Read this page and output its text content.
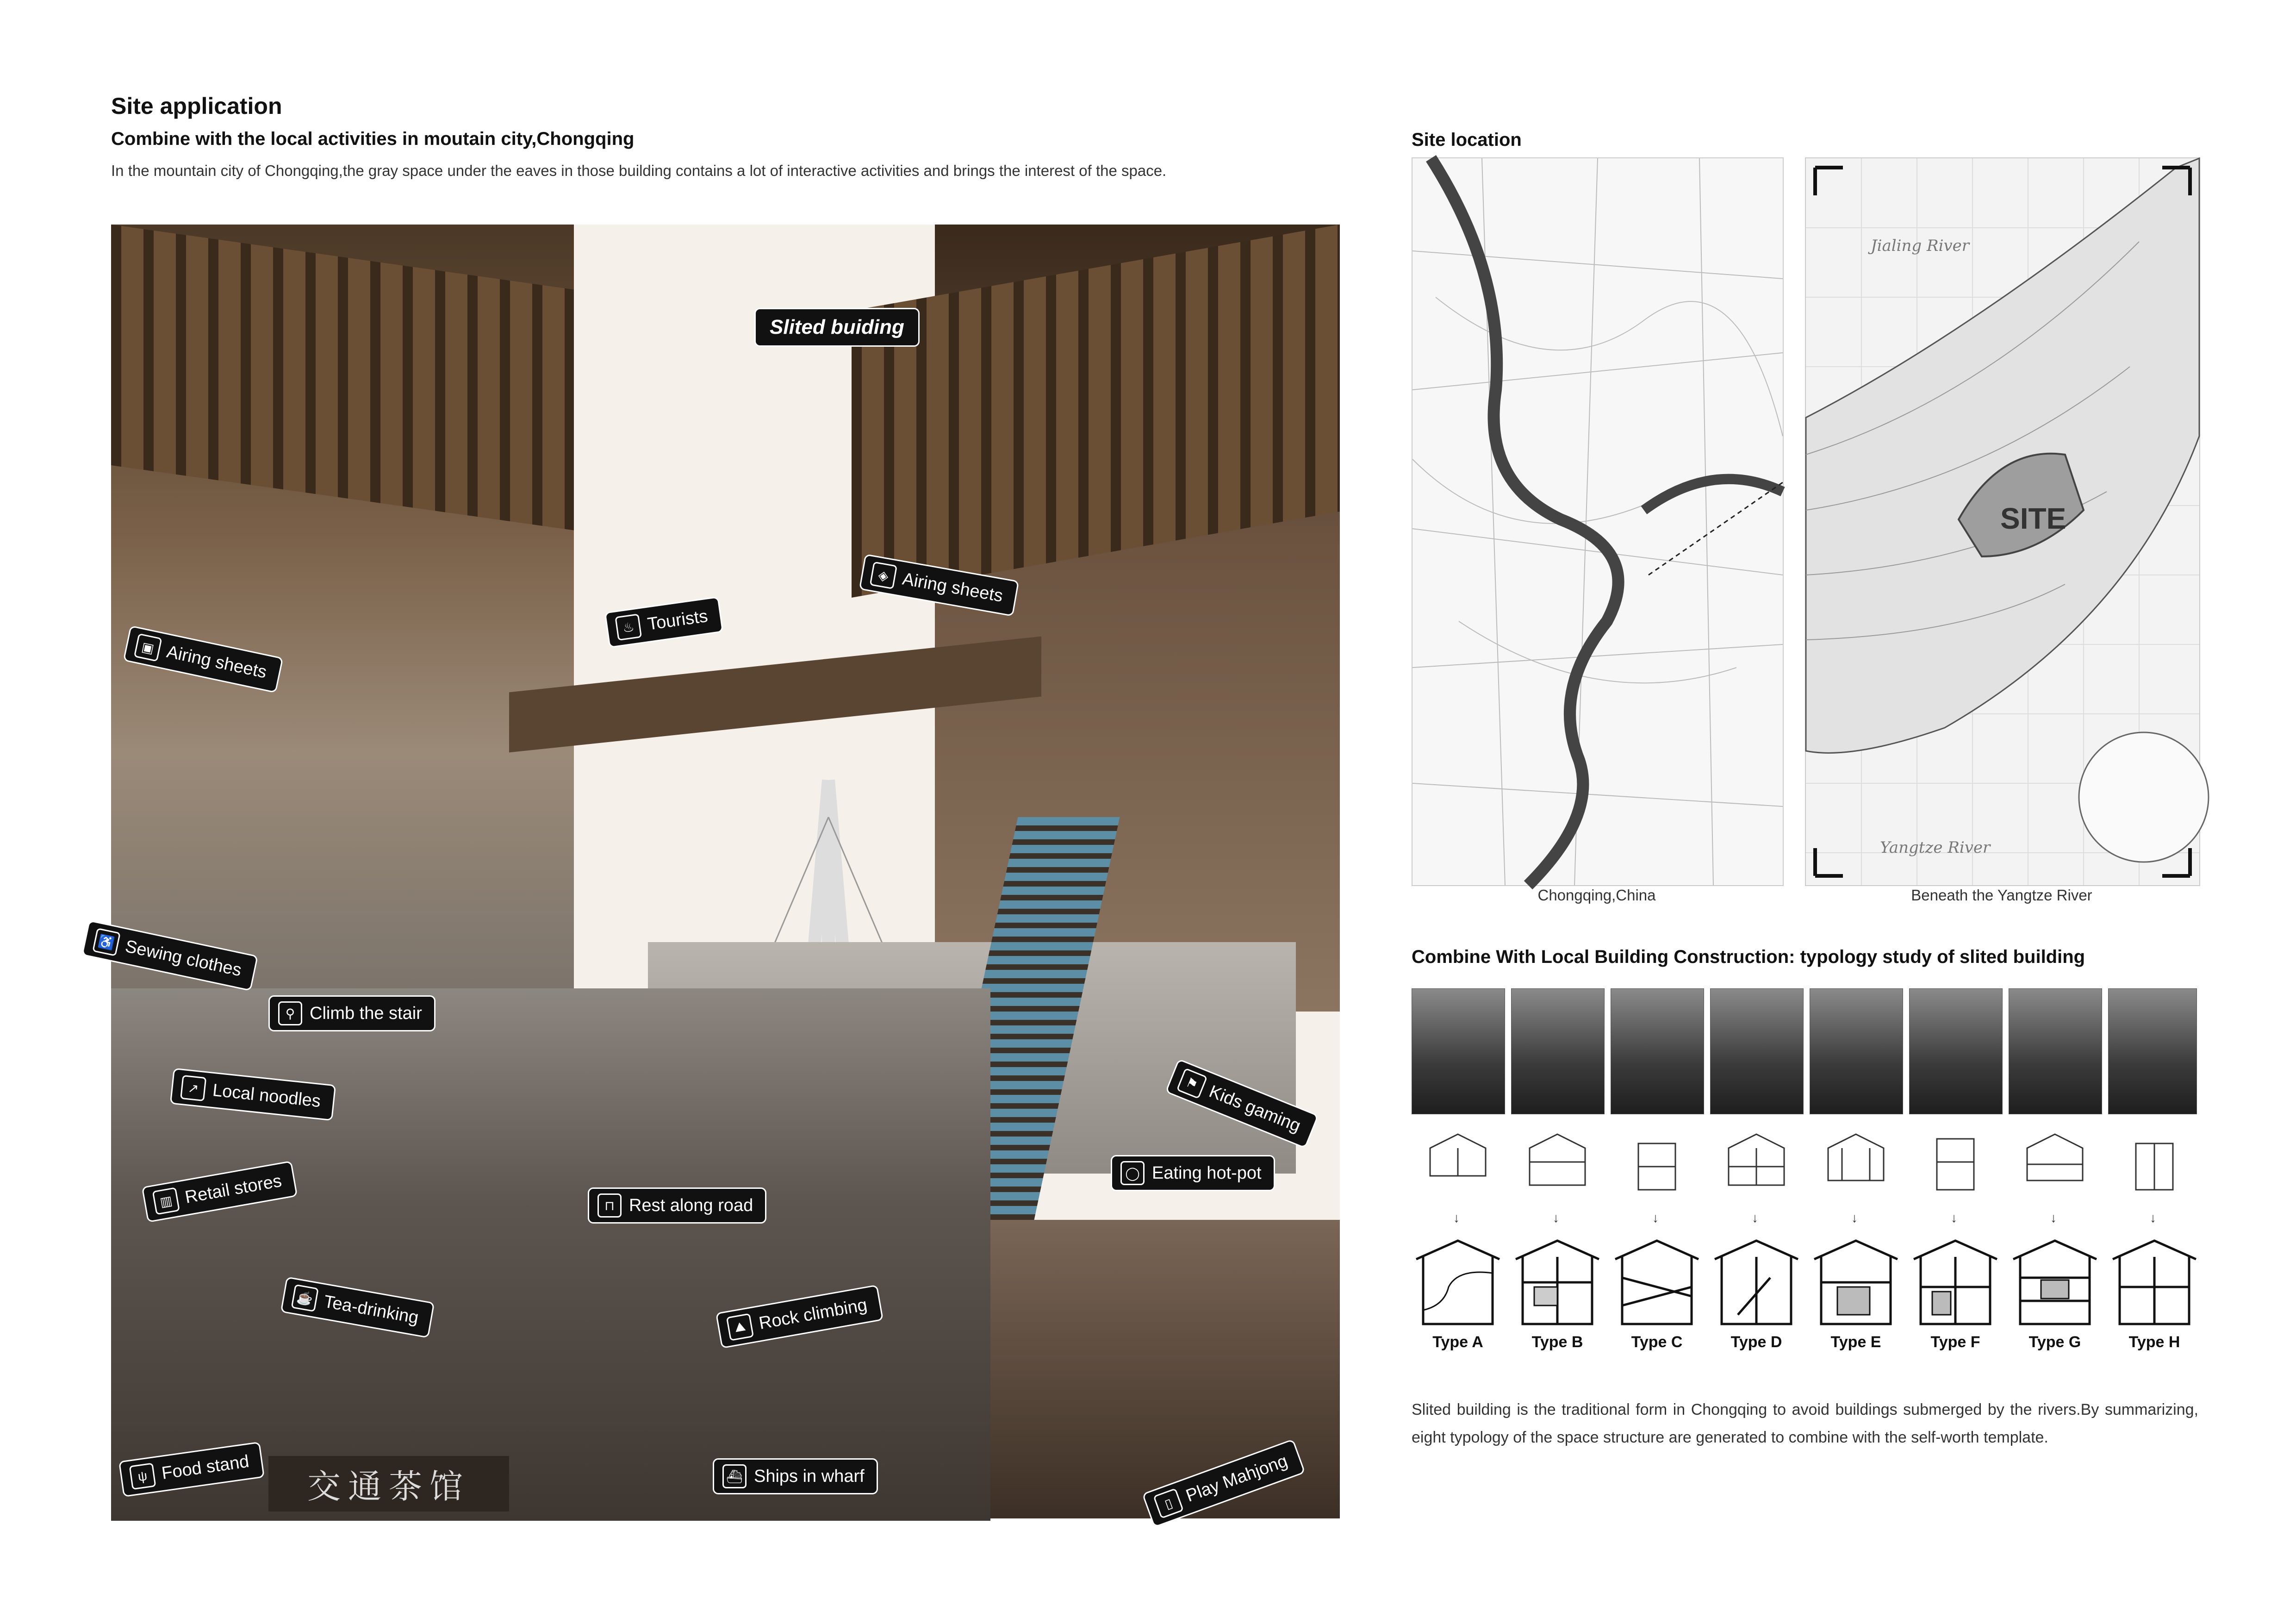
Site application
Combine with the local activities in moutain city,Chongqing
In the mountain city of Chongqing,the gray space under the eaves in those building contains a lot of interactive activities and brings the interest of the space.
交通茶馆
Slited buiding
▣ Airing sheets
♨ Tourists
◈ Airing sheets
♿ Sewing clothes
⚲ Climb the stair
↗ Local noodles	⚑ Kids gaming
▥ Retail stores	⊓ Rest along road
◯ Eating hot-pot
☕ Tea-drinking	⛰ Rock climbing
ψ Food stand	⛴ Ships in wharf
▯ Play Mahjong
Site location
Chongqing,China
SITE
Jialing River
Yangtze River
Beneath the Yangtze River
Combine With Local Building Construction: typology study of slited building
↓	↓	↓	↓	↓	↓	↓	↓
Type A	Type B	Type C	Type D	Type E	Type F	Type G	Type H
Slited building is the traditional form in Chongqing to avoid buildings submerged by the rivers.By summarizing, eight typology of the space structure are generated to combine with the self-worth template.
